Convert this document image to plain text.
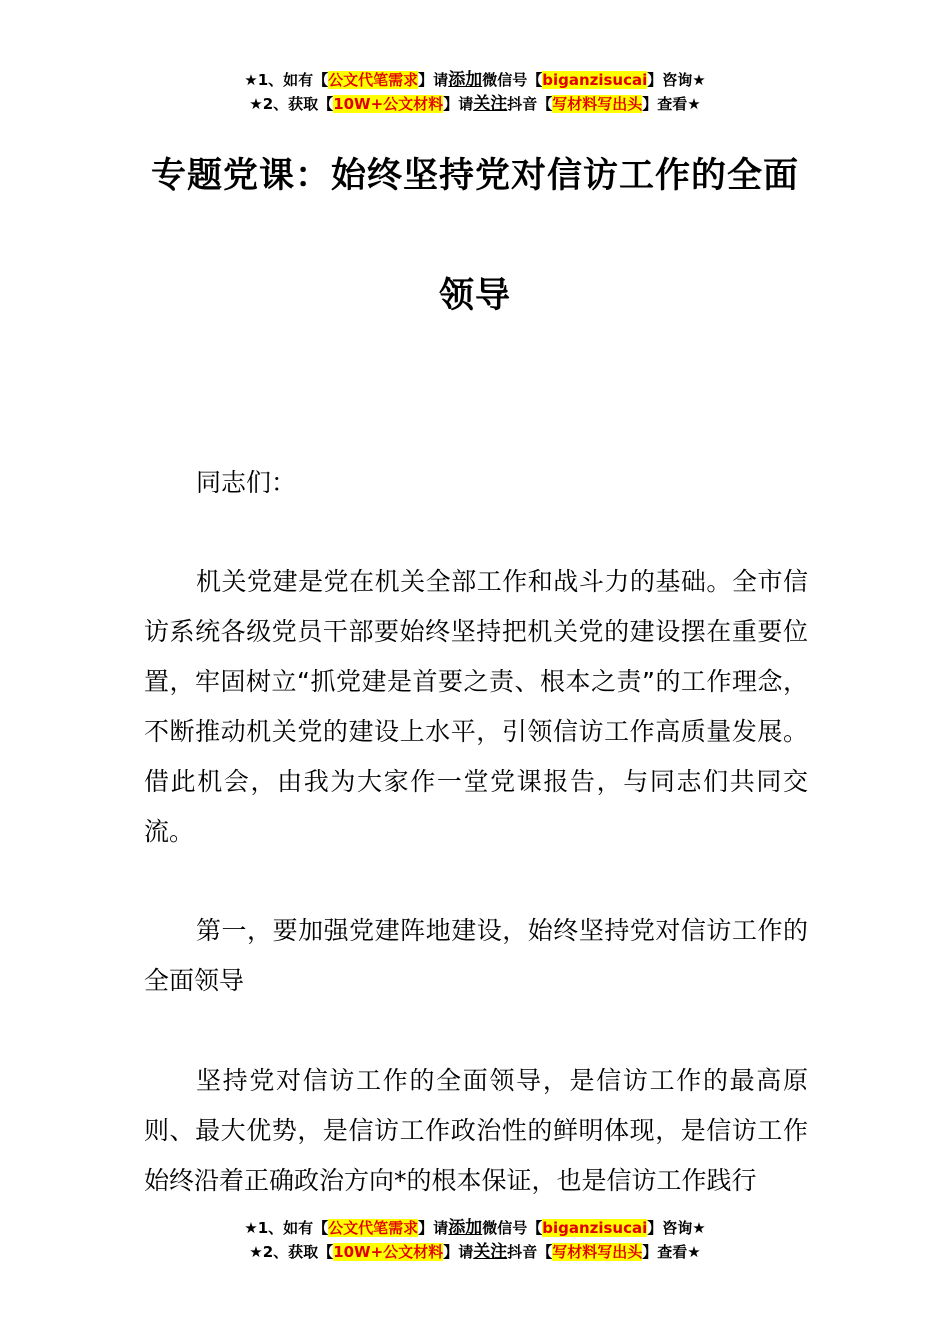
★1、如有【公文代笔需求】请添加微信号【biganzisucai】咨询★
★2、获取【10W+公文材料】请关注抖音【写材料写出头】查看★
专题党课：始终坚持党对信访工作的全面
领导
同志们：
机关党建是党在机关全部工作和战斗力的基础。全市信访系统各级党员干部要始终坚持把机关党的建设摆在重要位置，牢固树立“抓党建是首要之责、根本之责”的工作理念，不断推动机关党的建设上水平，引领信访工作高质量发展。借此机会，由我为大家作一堂党课报告，与同志们共同交流。
第一，要加强党建阵地建设，始终坚持党对信访工作的全面领导
坚持党对信访工作的全面领导，是信访工作的最高原则、最大优势，是信访工作政治性的鲜明体现，是信访工作始终沿着正确政治方向*的根本保证，也是信访工作践行
★1、如有【公文代笔需求】请添加微信号【biganzisucai】咨询★
★2、获取【10W+公文材料】请关注抖音【写材料写出头】查看★
